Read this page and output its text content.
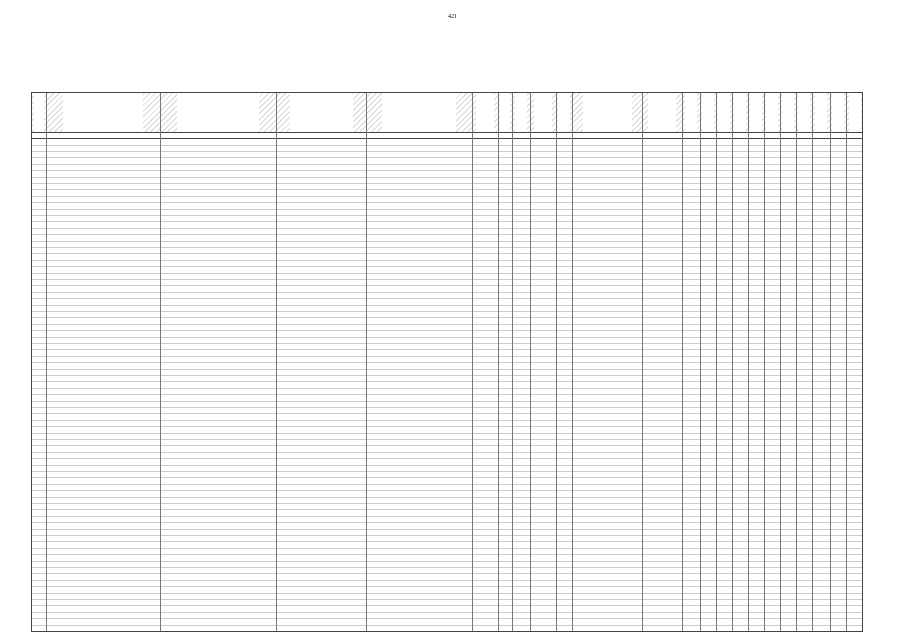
421
